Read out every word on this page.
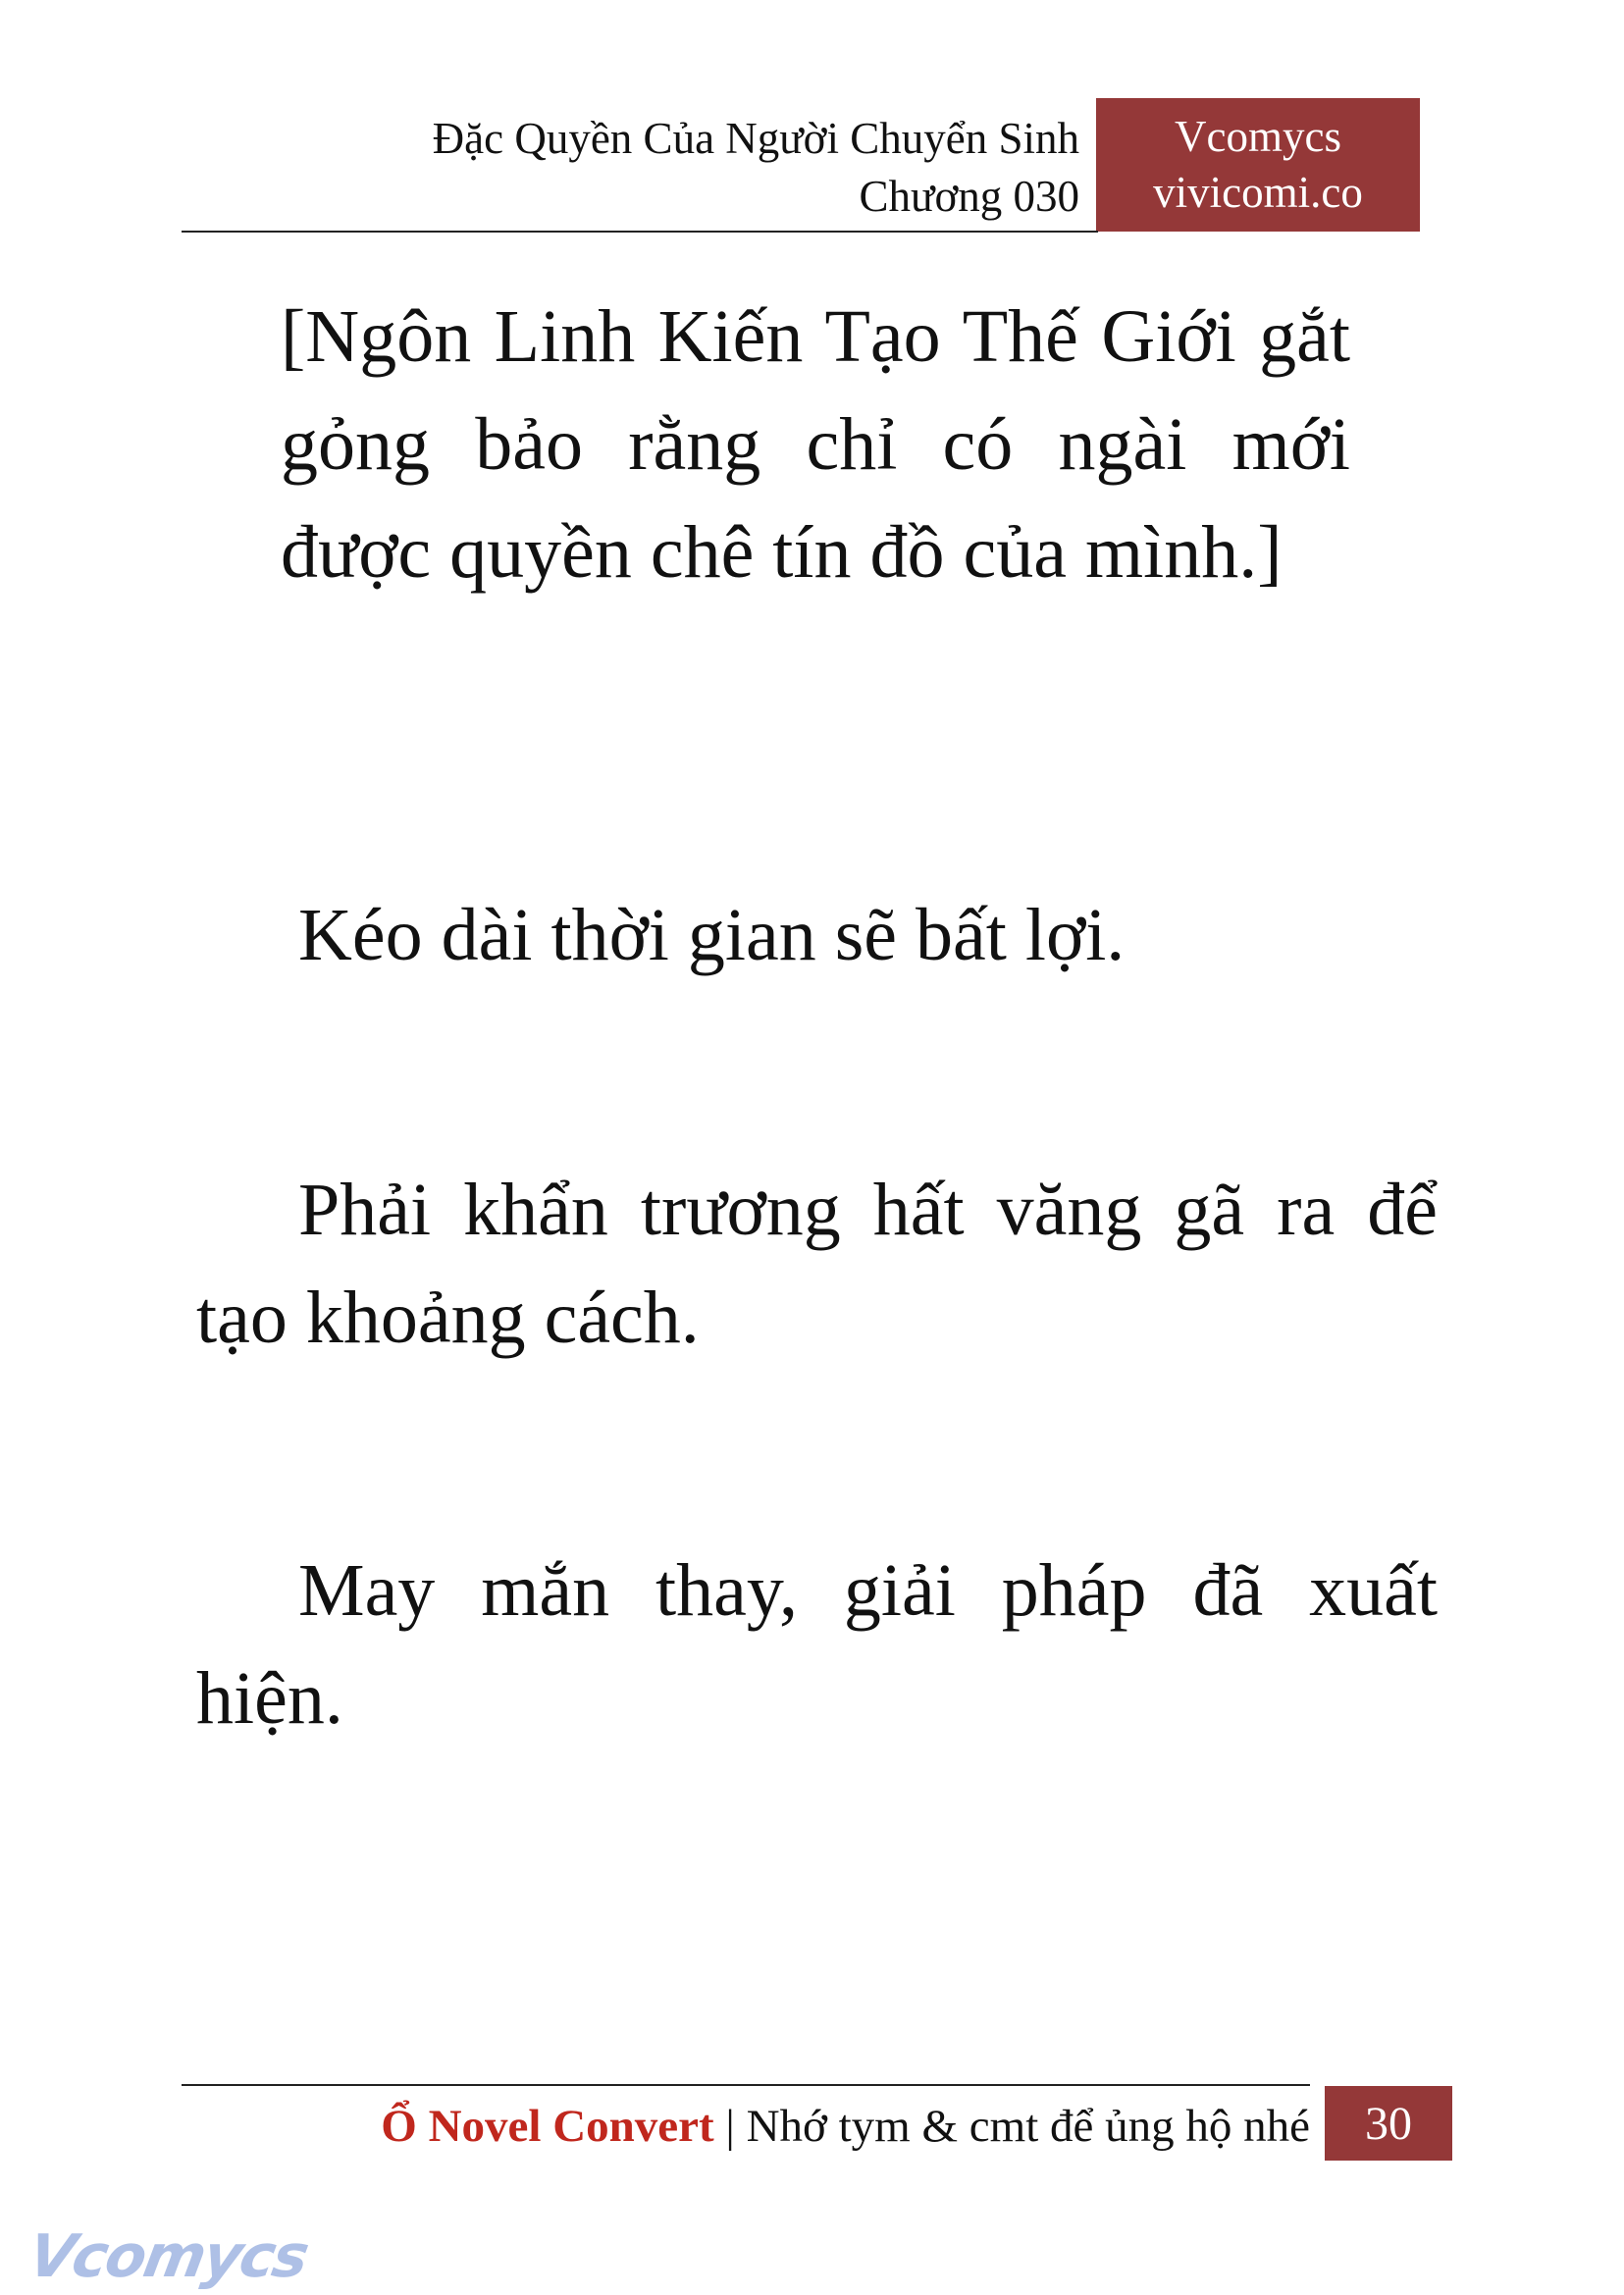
Đặc Quyền Của Người Chuyển Sinh
Chương 030
Vcomycs
vivicomi.co

[Ngôn Linh Kiến Tạo Thế Giới gắt gỏng bảo rằng chỉ có ngài mới được quyền chê tín đồ của mình.]

Kéo dài thời gian sẽ bất lợi.

Phải khẩn trương hất văng gã ra để tạo khoảng cách.

May mắn thay, giải pháp đã xuất hiện.

Ổ Novel Convert | Nhớ tym & cmt để ủng hộ nhé	30
Vcomycs
